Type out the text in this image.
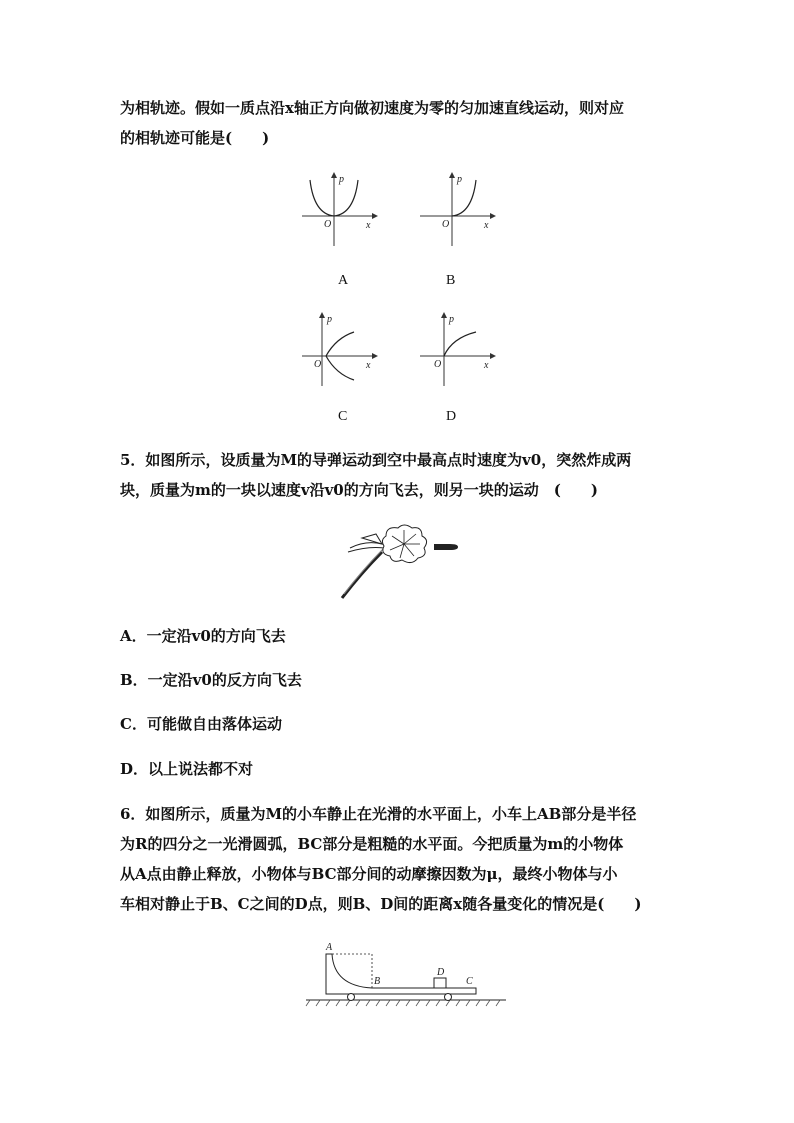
为相轨迹。假如一质点沿x轴正方向做初速度为零的匀加速直线运动，则对应
的相轨迹可能是(　　)
p
x
O
A
p
x
O
B
p
x
O
C
p
x
O
D
5．如图所示，设质量为M的导弹运动到空中最高点时速度为v0，突然炸成两
块，质量为m的一块以速度v沿v0的方向飞去，则另一块的运动　(　　)
A．一定沿v0的方向飞去
B．一定沿v0的反方向飞去
C．可能做自由落体运动
D．以上说法都不对
6．如图所示，质量为M的小车静止在光滑的水平面上，小车上AB部分是半径
为R的四分之一光滑圆弧，BC部分是粗糙的水平面。今把质量为m的小物体
从A点由静止释放，小物体与BC部分间的动摩擦因数为μ，最终小物体与小
车相对静止于B、C之间的D点，则B、D间的距离x随各量变化的情况是(　　)
A
B
D
C
